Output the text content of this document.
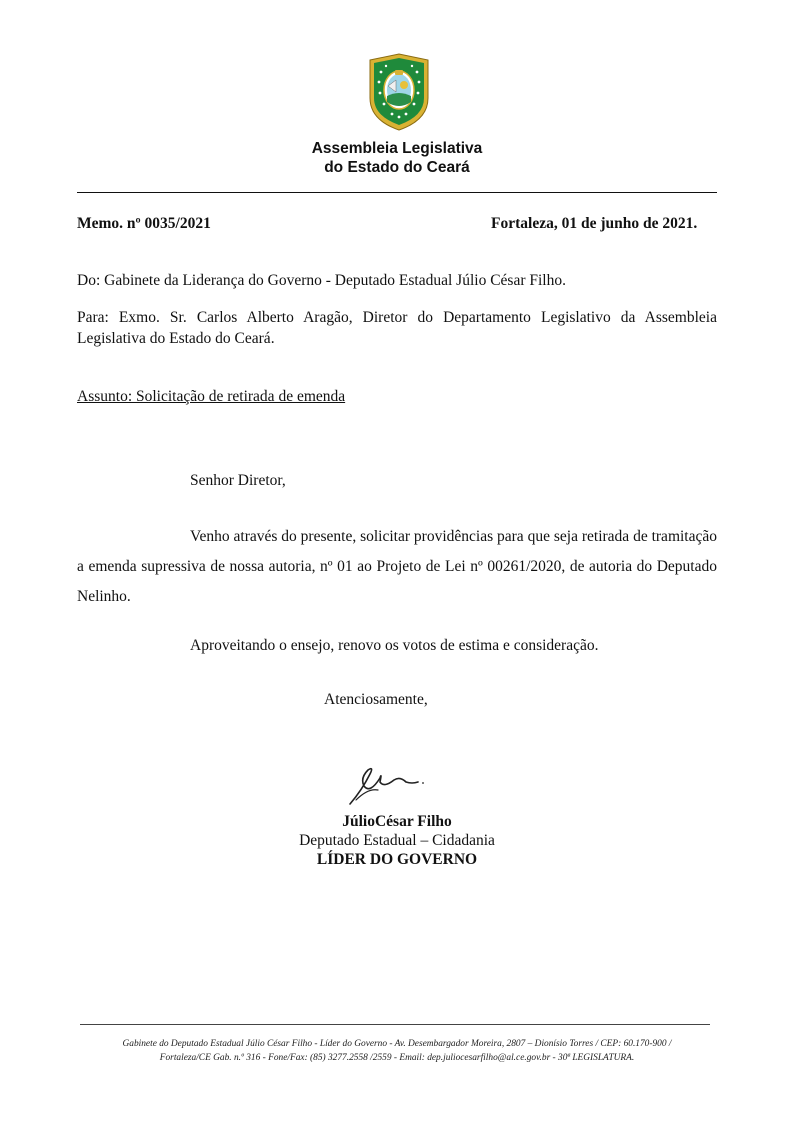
Assembleia Legislativa
do Estado do Ceará
Memo. nº 0035/2021	Fortaleza, 01 de junho de 2021.
Do: Gabinete da Liderança do Governo - Deputado Estadual Júlio César Filho.
Para: Exmo. Sr. Carlos Alberto Aragão, Diretor do Departamento Legislativo da Assembleia Legislativa do Estado do Ceará.
Assunto: Solicitação de retirada de emenda
Senhor Diretor,
Venho através do presente, solicitar providências para que seja retirada de tramitação a emenda supressiva de nossa autoria, nº 01 ao Projeto de Lei nº 00261/2020, de autoria do Deputado Nelinho.
Aproveitando o ensejo, renovo os votos de estima e consideração.
Atenciosamente,
JúlioCésar Filho
Deputado Estadual – Cidadania
LÍDER DO GOVERNO
Gabinete do Deputado Estadual Júlio César Filho - Líder do Governo - Av. Desembargador Moreira, 2807 – Dionísio Torres / CEP: 60.170-900 /
Fortaleza/CE Gab. n.º 316 - Fone/Fax: (85) 3277.2558 /2559 - Email: dep.juliocesarfilho@al.ce.gov.br - 30ª LEGISLATURA.
